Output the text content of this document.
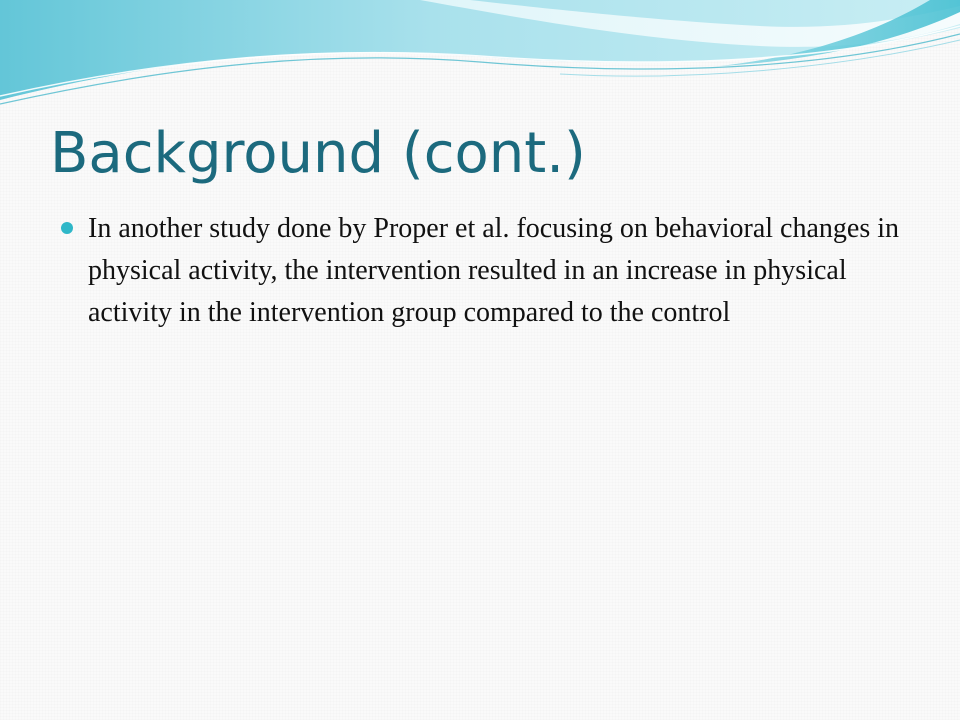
Background (cont.)
In another study done by Proper et al. focusing on behavioral changes in physical activity, the intervention resulted in an increase in physical activity in the intervention group compared to the control
